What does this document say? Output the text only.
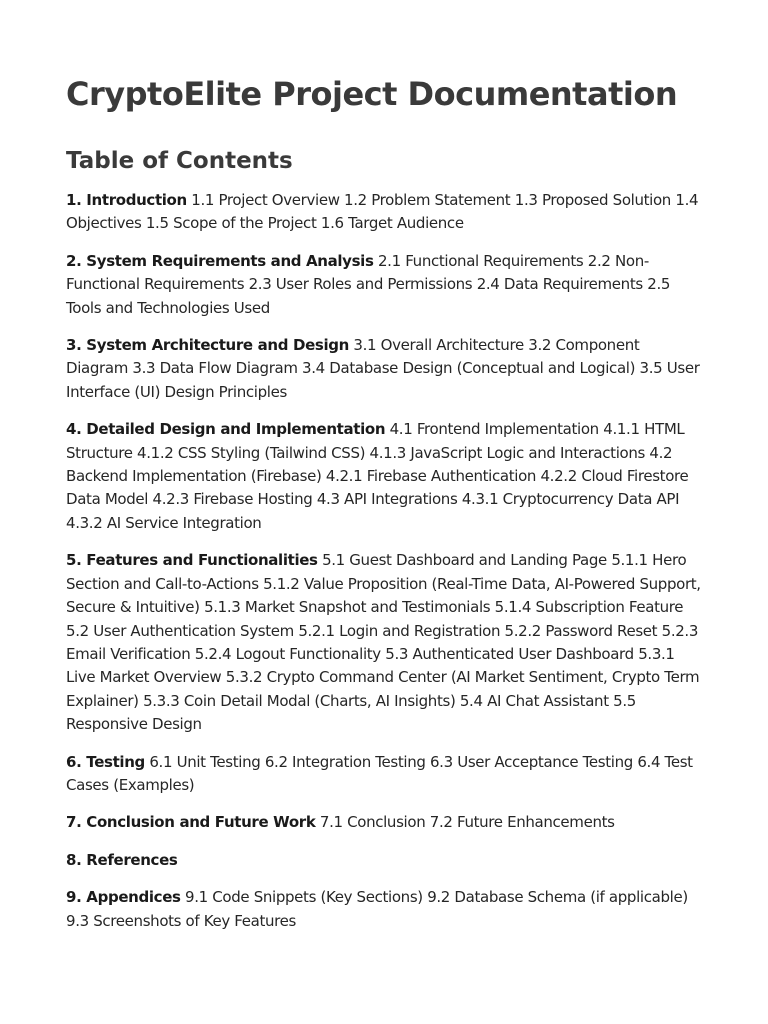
CryptoElite Project Documentation
Table of Contents
1. Introduction 1.1 Project Overview 1.2 Problem Statement 1.3 Proposed Solution 1.4 Objectives 1.5 Scope of the Project 1.6 Target Audience
2. System Requirements and Analysis 2.1 Functional Requirements 2.2 Non-Functional Requirements 2.3 User Roles and Permissions 2.4 Data Requirements 2.5 Tools and Technologies Used
3. System Architecture and Design 3.1 Overall Architecture 3.2 Component Diagram 3.3 Data Flow Diagram 3.4 Database Design (Conceptual and Logical) 3.5 User Interface (UI) Design Principles
4. Detailed Design and Implementation 4.1 Frontend Implementation 4.1.1 HTML Structure 4.1.2 CSS Styling (Tailwind CSS) 4.1.3 JavaScript Logic and Interactions 4.2 Backend Implementation (Firebase) 4.2.1 Firebase Authentication 4.2.2 Cloud Firestore Data Model 4.2.3 Firebase Hosting 4.3 API Integrations 4.3.1 Cryptocurrency Data API 4.3.2 AI Service Integration
5. Features and Functionalities 5.1 Guest Dashboard and Landing Page 5.1.1 Hero Section and Call-to-Actions 5.1.2 Value Proposition (Real-Time Data, AI-Powered Support, Secure & Intuitive) 5.1.3 Market Snapshot and Testimonials 5.1.4 Subscription Feature 5.2 User Authentication System 5.2.1 Login and Registration 5.2.2 Password Reset 5.2.3 Email Verification 5.2.4 Logout Functionality 5.3 Authenticated User Dashboard 5.3.1 Live Market Overview 5.3.2 Crypto Command Center (AI Market Sentiment, Crypto Term Explainer) 5.3.3 Coin Detail Modal (Charts, AI Insights) 5.4 AI Chat Assistant 5.5 Responsive Design
6. Testing 6.1 Unit Testing 6.2 Integration Testing 6.3 User Acceptance Testing 6.4 Test Cases (Examples)
7. Conclusion and Future Work 7.1 Conclusion 7.2 Future Enhancements
8. References
9. Appendices 9.1 Code Snippets (Key Sections) 9.2 Database Schema (if applicable) 9.3 Screenshots of Key Features
